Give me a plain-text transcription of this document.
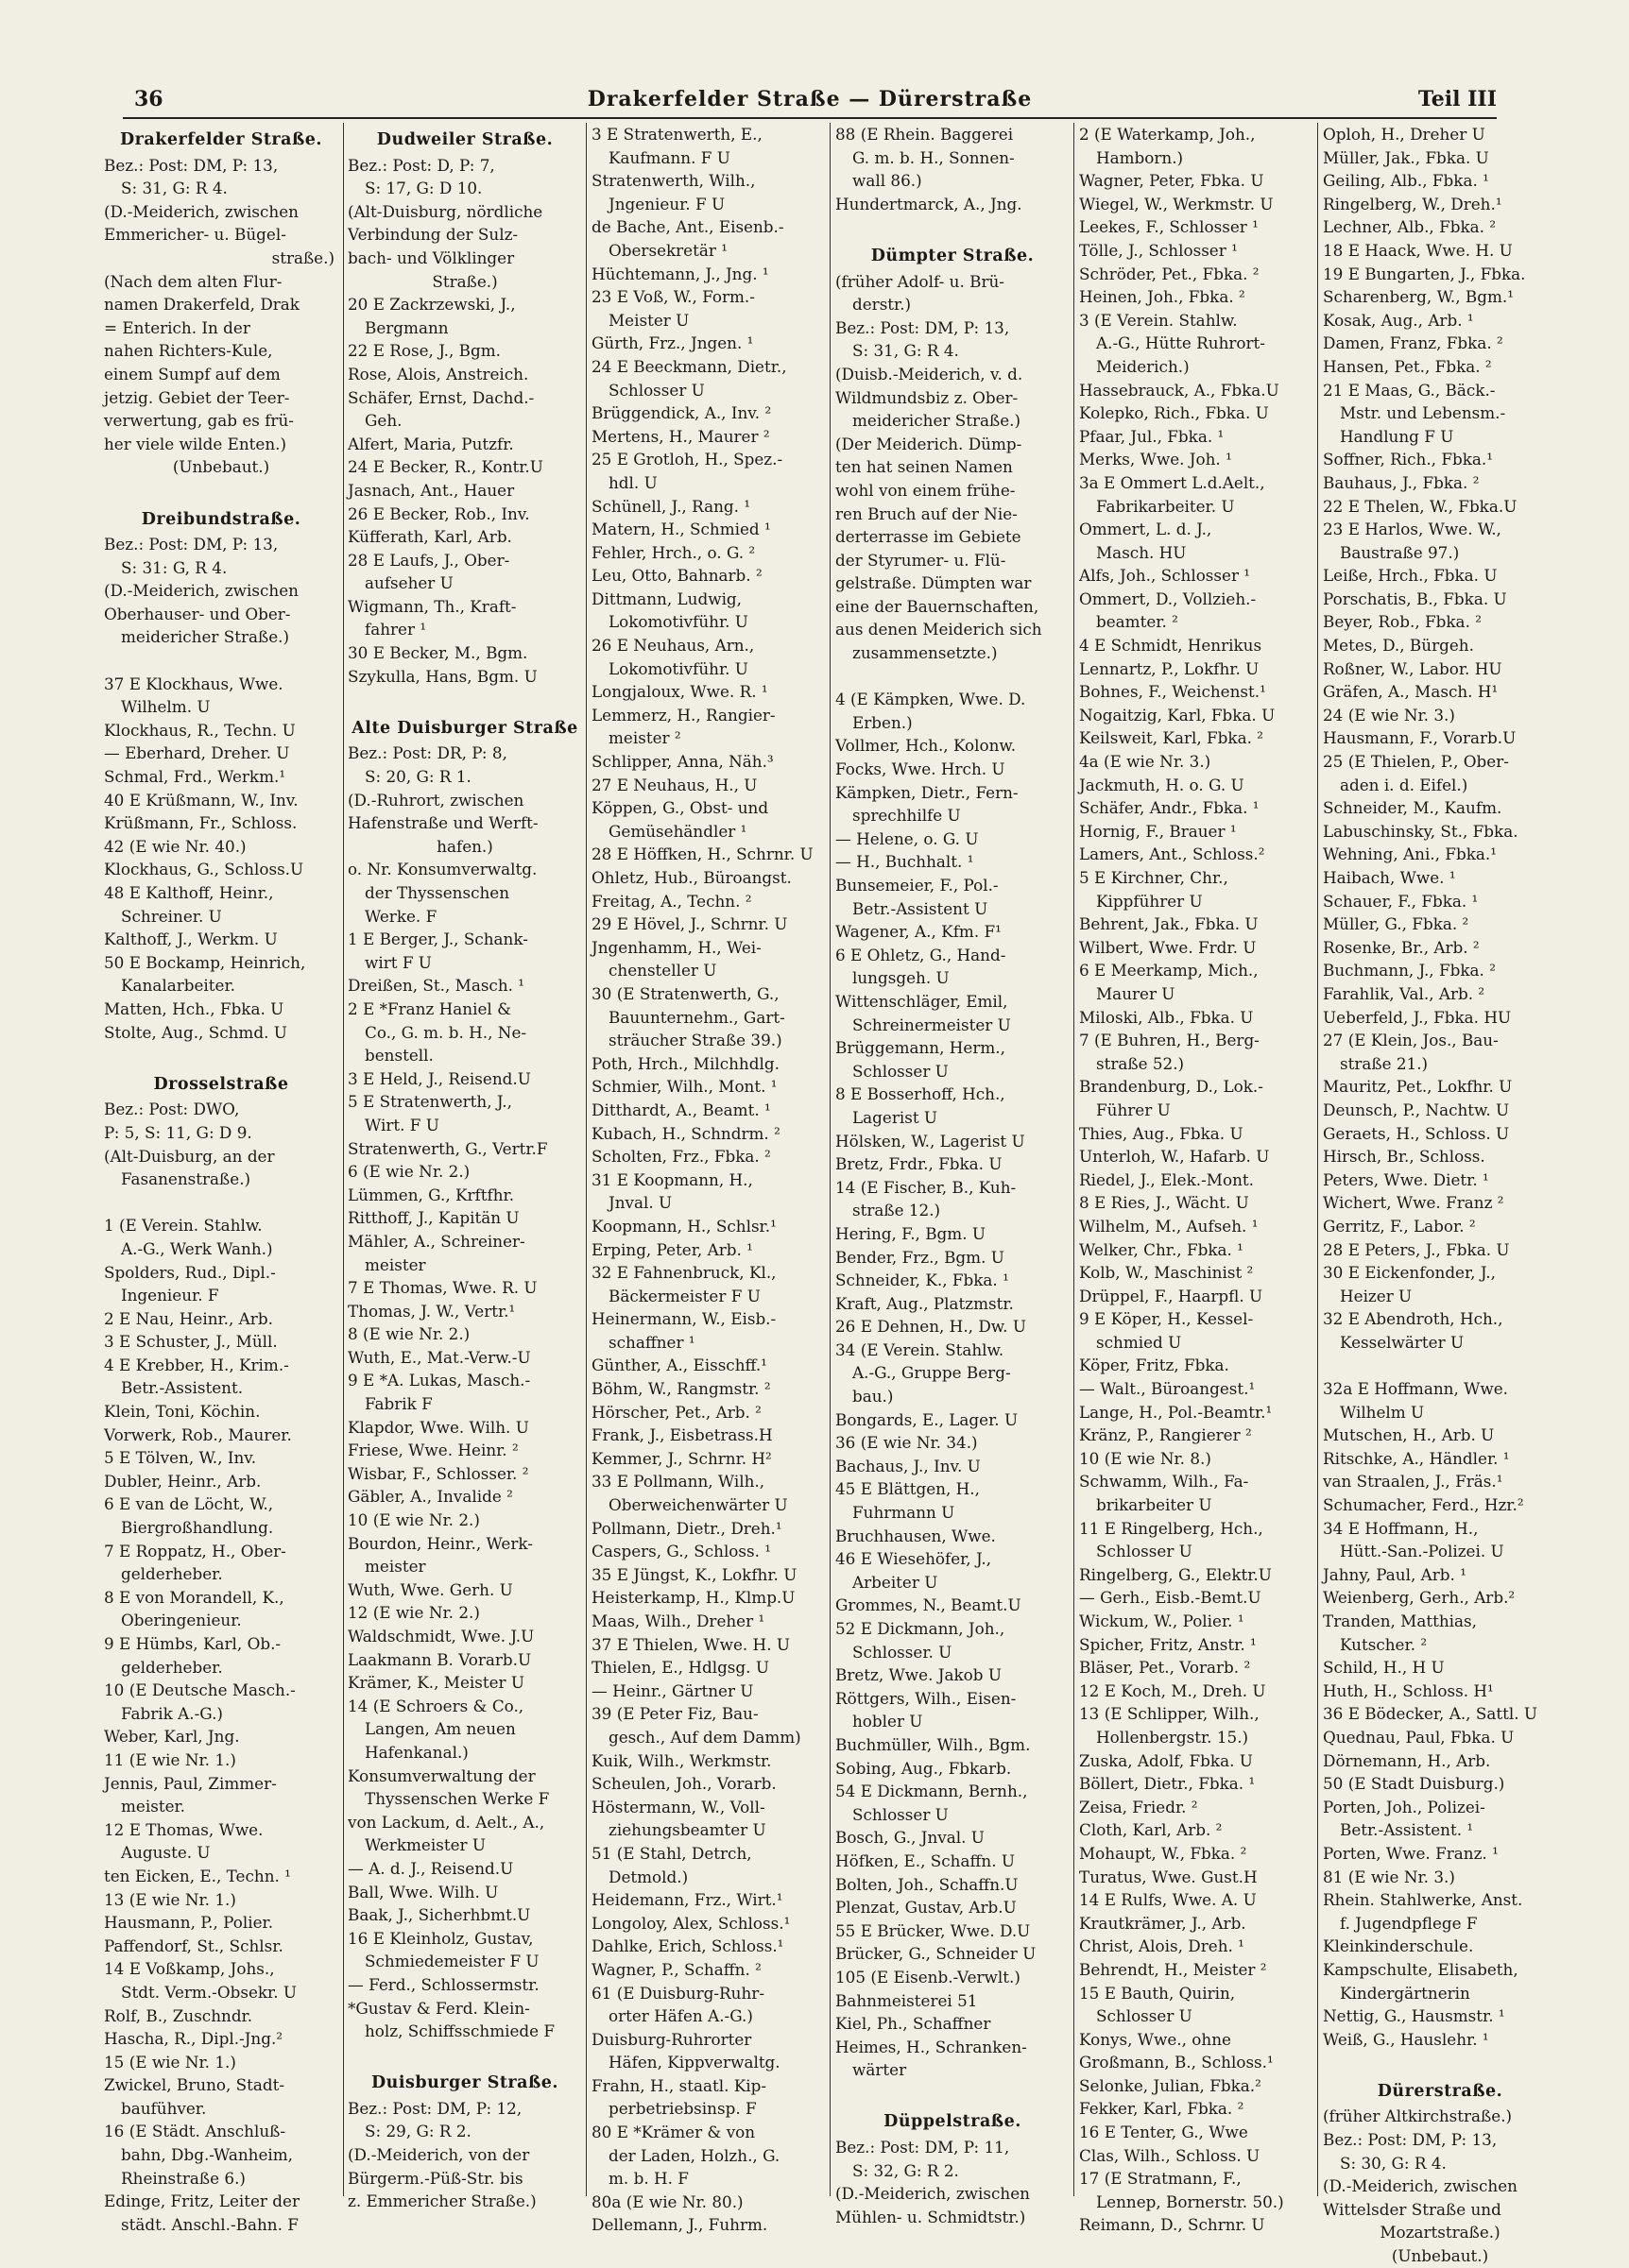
36	Drakerfelder Straße — Dürerstraße	Teil III
Drakerfelder Straße.
Bez.: Post: DM, P: 13,
S: 31, G: R 4.
(D.-Meiderich, zwischen
Emmericher- u. Bügel-
straße.)
(Nach dem alten Flur-
namen Drakerfeld, Drak
= Enterich. In der
nahen Richters-Kule,
einem Sumpf auf dem
jetzig. Gebiet der Teer-
verwertung, gab es frü-
her viele wilde Enten.)
(Unbebaut.)
Dreibundstraße.
Bez.: Post: DM, P: 13,
S: 31: G, R 4.
(D.-Meiderich, zwischen
Oberhauser- und Ober-
meidericher Straße.)
37 E Klockhaus, Wwe.
Wilhelm. U
Klockhaus, R., Techn. U
— Eberhard, Dreher. U
Schmal, Frd., Werkm.¹
40 E Krüßmann, W., Inv.
Krüßmann, Fr., Schloss.
42 (E wie Nr. 40.)
Klockhaus, G., Schloss.U
48 E Kalthoff, Heinr.,
Schreiner. U
Kalthoff, J., Werkm. U
50 E Bockamp, Heinrich,
Kanalarbeiter.
Matten, Hch., Fbka. U
Stolte, Aug., Schmd. U
Drosselstraße
Bez.: Post: DWO,
P: 5, S: 11, G: D 9.
(Alt-Duisburg, an der
Fasanenstraße.)
1 (E Verein. Stahlw.
A.-G., Werk Wanh.)
Spolders, Rud., Dipl.-
Ingenieur. F
2 E Nau, Heinr., Arb.
3 E Schuster, J., Müll.
4 E Krebber, H., Krim.-
Betr.-Assistent.
Klein, Toni, Köchin.
Vorwerk, Rob., Maurer.
5 E Tölven, W., Inv.
Dubler, Heinr., Arb.
6 E van de Löcht, W.,
Biergroßhandlung.
7 E Roppatz, H., Ober-
gelderheber.
8 E von Morandell, K.,
Oberingenieur.
9 E Hümbs, Karl, Ob.-
gelderheber.
10 (E Deutsche Masch.-
Fabrik A.-G.)
Weber, Karl, Jng.
11 (E wie Nr. 1.)
Jennis, Paul, Zimmer-
meister.
12 E Thomas, Wwe.
Auguste. U
ten Eicken, E., Techn. ¹
13 (E wie Nr. 1.)
Hausmann, P., Polier.
Paffendorf, St., Schlsr.
14 E Voßkamp, Johs.,
Stdt. Verm.-Obsekr. U
Rolf, B., Zuschndr.
Hascha, R., Dipl.-Jng.²
15 (E wie Nr. 1.)
Zwickel, Bruno, Stadt-
baufühver.
16 (E Städt. Anschluß-
bahn, Dbg.-Wanheim,
Rheinstraße 6.)
Edinge, Fritz, Leiter der
städt. Anschl.-Bahn. F
Dudweiler Straße.
Bez.: Post: D, P: 7,
S: 17, G: D 10.
(Alt-Duisburg, nördliche
Verbindung der Sulz-
bach- und Völklinger
Straße.)
20 E Zackrzewski, J.,
Bergmann
22 E Rose, J., Bgm.
Rose, Alois, Anstreich.
Schäfer, Ernst, Dachd.-
Geh.
Alfert, Maria, Putzfr.
24 E Becker, R., Kontr.U
Jasnach, Ant., Hauer
26 E Becker, Rob., Inv.
Küfferath, Karl, Arb.
28 E Laufs, J., Ober-
aufseher U
Wigmann, Th., Kraft-
fahrer ¹
30 E Becker, M., Bgm.
Szykulla, Hans, Bgm. U
Alte Duisburger Straße
Bez.: Post: DR, P: 8,
S: 20, G: R 1.
(D.-Ruhrort, zwischen
Hafenstraße und Werft-
hafen.)
o. Nr. Konsumverwaltg.
der Thyssenschen
Werke. F
1 E Berger, J., Schank-
wirt F U
Dreißen, St., Masch. ¹
2 E *Franz Haniel &
Co., G. m. b. H., Ne-
benstell.
3 E Held, J., Reisend.U
5 E Stratenwerth, J.,
Wirt. F U
Stratenwerth, G., Vertr.F
6 (E wie Nr. 2.)
Lümmen, G., Krftfhr.
Ritthoff, J., Kapitän U
Mähler, A., Schreiner-
meister
7 E Thomas, Wwe. R. U
Thomas, J. W., Vertr.¹
8 (E wie Nr. 2.)
Wuth, E., Mat.-Verw.-U
9 E *A. Lukas, Masch.-
Fabrik F
Klapdor, Wwe. Wilh. U
Friese, Wwe. Heinr. ²
Wisbar, F., Schlosser. ²
Gäbler, A., Invalide ²
10 (E wie Nr. 2.)
Bourdon, Heinr., Werk-
meister
Wuth, Wwe. Gerh. U
12 (E wie Nr. 2.)
Waldschmidt, Wwe. J.U
Laakmann B. Vorarb.U
Krämer, K., Meister U
14 (E Schroers & Co.,
Langen, Am neuen
Hafenkanal.)
Konsumverwaltung der
Thyssenschen Werke F
von Lackum, d. Aelt., A.,
Werkmeister U
— A. d. J., Reisend.U
Ball, Wwe. Wilh. U
Baak, J., Sicherhbmt.U
16 E Kleinholz, Gustav,
Schmiedemeister F U
— Ferd., Schlossermstr.
*Gustav & Ferd. Klein-
holz, Schiffsschmiede F
Duisburger Straße.
Bez.: Post: DM, P: 12,
S: 29, G: R 2.
(D.-Meiderich, von der
Bürgerm.-Püß-Str. bis
z. Emmericher Straße.)
3 E Stratenwerth, E.,
Kaufmann. F U
Stratenwerth, Wilh.,
Jngenieur. F U
de Bache, Ant., Eisenb.-
Obersekretär ¹
Hüchtemann, J., Jng. ¹
23 E Voß, W., Form.-
Meister U
Gürth, Frz., Jngen. ¹
24 E Beeckmann, Dietr.,
Schlosser U
Brüggendick, A., Inv. ²
Mertens, H., Maurer ²
25 E Grotloh, H., Spez.-
hdl. U
Schünell, J., Rang. ¹
Matern, H., Schmied ¹
Fehler, Hrch., o. G. ²
Leu, Otto, Bahnarb. ²
Dittmann, Ludwig,
Lokomotivführ. U
26 E Neuhaus, Arn.,
Lokomotivführ. U
Longjaloux, Wwe. R. ¹
Lemmerz, H., Rangier-
meister ²
Schlipper, Anna, Näh.³
27 E Neuhaus, H., U
Köppen, G., Obst- und
Gemüsehändler ¹
28 E Höffken, H., Schrnr. U
Ohletz, Hub., Büroangst.
Freitag, A., Techn. ²
29 E Hövel, J., Schrnr. U
Jngenhamm, H., Wei-
chensteller U
30 (E Stratenwerth, G.,
Bauunternehm., Gart-
sträucher Straße 39.)
Poth, Hrch., Milchhdlg.
Schmier, Wilh., Mont. ¹
Ditthardt, A., Beamt. ¹
Kubach, H., Schndrm. ²
Scholten, Frz., Fbka. ²
31 E Koopmann, H.,
Jnval. U
Koopmann, H., Schlsr.¹
Erping, Peter, Arb. ¹
32 E Fahnenbruck, Kl.,
Bäckermeister F U
Heinermann, W., Eisb.-
schaffner ¹
Günther, A., Eisschff.¹
Böhm, W., Rangmstr. ²
Hörscher, Pet., Arb. ²
Frank, J., Eisbetrass.H
Kemmer, J., Schrnr. H²
33 E Pollmann, Wilh.,
Oberweichenwärter U
Pollmann, Dietr., Dreh.¹
Caspers, G., Schloss. ¹
35 E Jüngst, K., Lokfhr. U
Heisterkamp, H., Klmp.U
Maas, Wilh., Dreher ¹
37 E Thielen, Wwe. H. U
Thielen, E., Hdlgsg. U
— Heinr., Gärtner U
39 (E Peter Fiz, Bau-
gesch., Auf dem Damm)
Kuik, Wilh., Werkmstr.
Scheulen, Joh., Vorarb.
Höstermann, W., Voll-
ziehungsbeamter U
51 (E Stahl, Detrch,
Detmold.)
Heidemann, Frz., Wirt.¹
Longoloy, Alex, Schloss.¹
Dahlke, Erich, Schloss.¹
Wagner, P., Schaffn. ²
61 (E Duisburg-Ruhr-
orter Häfen A.-G.)
Duisburg-Ruhrorter
Häfen, Kippverwaltg.
Frahn, H., staatl. Kip-
perbetriebsinsp. F
80 E *Krämer & von
der Laden, Holzh., G.
m. b. H. F
80a (E wie Nr. 80.)
Dellemann, J., Fuhrm.
88 (E Rhein. Baggerei
G. m. b. H., Sonnen-
wall 86.)
Hundertmarck, A., Jng.
Dümpter Straße.
(früher Adolf- u. Brü-
derstr.)
Bez.: Post: DM, P: 13,
S: 31, G: R 4.
(Duisb.-Meiderich, v. d.
Wildmundsbiz z. Ober-
meidericher Straße.)
(Der Meiderich. Dümp-
ten hat seinen Namen
wohl von einem frühe-
ren Bruch auf der Nie-
derterrasse im Gebiete
der Styrumer- u. Flü-
gelstraße. Dümpten war
eine der Bauernschaften,
aus denen Meiderich sich
zusammensetzte.)
4 (E Kämpken, Wwe. D.
Erben.)
Vollmer, Hch., Kolonw.
Focks, Wwe. Hrch. U
Kämpken, Dietr., Fern-
sprechhilfe U
— Helene, o. G. U
— H., Buchhalt. ¹
Bunsemeier, F., Pol.-
Betr.-Assistent U
Wagener, A., Kfm. F¹
6 E Ohletz, G., Hand-
lungsgeh. U
Wittenschläger, Emil,
Schreinermeister U
Brüggemann, Herm.,
Schlosser U
8 E Bosserhoff, Hch.,
Lagerist U
Hölsken, W., Lagerist U
Bretz, Frdr., Fbka. U
14 (E Fischer, B., Kuh-
straße 12.)
Hering, F., Bgm. U
Bender, Frz., Bgm. U
Schneider, K., Fbka. ¹
Kraft, Aug., Platzmstr.
26 E Dehnen, H., Dw. U
34 (E Verein. Stahlw.
A.-G., Gruppe Berg-
bau.)
Bongards, E., Lager. U
36 (E wie Nr. 34.)
Bachaus, J., Inv. U
45 E Blättgen, H.,
Fuhrmann U
Bruchhausen, Wwe.
46 E Wiesehöfer, J.,
Arbeiter U
Grommes, N., Beamt.U
52 E Dickmann, Joh.,
Schlosser. U
Bretz, Wwe. Jakob U
Röttgers, Wilh., Eisen-
hobler U
Buchmüller, Wilh., Bgm.
Sobing, Aug., Fbkarb.
54 E Dickmann, Bernh.,
Schlosser U
Bosch, G., Jnval. U
Höfken, E., Schaffn. U
Bolten, Joh., Schaffn.U
Plenzat, Gustav, Arb.U
55 E Brücker, Wwe. D.U
Brücker, G., Schneider U
105 (E Eisenb.-Verwlt.)
Bahnmeisterei 51
Kiel, Ph., Schaffner
Heimes, H., Schranken-
wärter
Düppelstraße.
Bez.: Post: DM, P: 11,
S: 32, G: R 2.
(D.-Meiderich, zwischen
Mühlen- u. Schmidtstr.)
2 (E Waterkamp, Joh.,
Hamborn.)
Wagner, Peter, Fbka. U
Wiegel, W., Werkmstr. U
Leekes, F., Schlosser ¹
Tölle, J., Schlosser ¹
Schröder, Pet., Fbka. ²
Heinen, Joh., Fbka. ²
3 (E Verein. Stahlw.
A.-G., Hütte Ruhrort-
Meiderich.)
Hassebrauck, A., Fbka.U
Kolepko, Rich., Fbka. U
Pfaar, Jul., Fbka. ¹
Merks, Wwe. Joh. ¹
3a E Ommert L.d.Aelt.,
Fabrikarbeiter. U
Ommert, L. d. J.,
Masch. HU
Alfs, Joh., Schlosser ¹
Ommert, D., Vollzieh.-
beamter. ²
4 E Schmidt, Henrikus
Lennartz, P., Lokfhr. U
Bohnes, F., Weichenst.¹
Nogaitzig, Karl, Fbka. U
Keilsweit, Karl, Fbka. ²
4a (E wie Nr. 3.)
Jackmuth, H. o. G. U
Schäfer, Andr., Fbka. ¹
Hornig, F., Brauer ¹
Lamers, Ant., Schloss.²
5 E Kirchner, Chr.,
Kippführer U
Behrent, Jak., Fbka. U
Wilbert, Wwe. Frdr. U
6 E Meerkamp, Mich.,
Maurer U
Miloski, Alb., Fbka. U
7 (E Buhren, H., Berg-
straße 52.)
Brandenburg, D., Lok.-
Führer U
Thies, Aug., Fbka. U
Unterloh, W., Hafarb. U
Riedel, J., Elek.-Mont.
8 E Ries, J., Wächt. U
Wilhelm, M., Aufseh. ¹
Welker, Chr., Fbka. ¹
Kolb, W., Maschinist ²
Drüppel, F., Haarpfl. U
9 E Köper, H., Kessel-
schmied U
Köper, Fritz, Fbka.
— Walt., Büroangest.¹
Lange, H., Pol.-Beamtr.¹
Kränz, P., Rangierer ²
10 (E wie Nr. 8.)
Schwamm, Wilh., Fa-
brikarbeiter U
11 E Ringelberg, Hch.,
Schlosser U
Ringelberg, G., Elektr.U
— Gerh., Eisb.-Bemt.U
Wickum, W., Polier. ¹
Spicher, Fritz, Anstr. ¹
Bläser, Pet., Vorarb. ²
12 E Koch, M., Dreh. U
13 (E Schlipper, Wilh.,
Hollenbergstr. 15.)
Zuska, Adolf, Fbka. U
Böllert, Dietr., Fbka. ¹
Zeisa, Friedr. ²
Cloth, Karl, Arb. ²
Mohaupt, W., Fbka. ²
Turatus, Wwe. Gust.H
14 E Rulfs, Wwe. A. U
Krautkrämer, J., Arb.
Christ, Alois, Dreh. ¹
Behrendt, H., Meister ²
15 E Bauth, Quirin,
Schlosser U
Konys, Wwe., ohne
Großmann, B., Schloss.¹
Selonke, Julian, Fbka.²
Fekker, Karl, Fbka. ²
16 E Tenter, G., Wwe
Clas, Wilh., Schloss. U
17 (E Stratmann, F.,
Lennep, Bornerstr. 50.)
Reimann, D., Schrnr. U
Oploh, H., Dreher U
Müller, Jak., Fbka. U
Geiling, Alb., Fbka. ¹
Ringelberg, W., Dreh.¹
Lechner, Alb., Fbka. ²
18 E Haack, Wwe. H. U
19 E Bungarten, J., Fbka.
Scharenberg, W., Bgm.¹
Kosak, Aug., Arb. ¹
Damen, Franz, Fbka. ²
Hansen, Pet., Fbka. ²
21 E Maas, G., Bäck.-
Mstr. und Lebensm.-
Handlung F U
Soffner, Rich., Fbka.¹
Bauhaus, J., Fbka. ²
22 E Thelen, W., Fbka.U
23 E Harlos, Wwe. W.,
Baustraße 97.)
Leiße, Hrch., Fbka. U
Porschatis, B., Fbka. U
Beyer, Rob., Fbka. ²
Metes, D., Bürgeh.
Roßner, W., Labor. HU
Gräfen, A., Masch. H¹
24 (E wie Nr. 3.)
Hausmann, F., Vorarb.U
25 (E Thielen, P., Ober-
aden i. d. Eifel.)
Schneider, M., Kaufm.
Labuschinsky, St., Fbka.
Wehning, Ani., Fbka.¹
Haibach, Wwe. ¹
Schauer, F., Fbka. ¹
Müller, G., Fbka. ²
Rosenke, Br., Arb. ²
Buchmann, J., Fbka. ²
Farahlik, Val., Arb. ²
Ueberfeld, J., Fbka. HU
27 (E Klein, Jos., Bau-
straße 21.)
Mauritz, Pet., Lokfhr. U
Deunsch, P., Nachtw. U
Geraets, H., Schloss. U
Hirsch, Br., Schloss.
Peters, Wwe. Dietr. ¹
Wichert, Wwe. Franz ²
Gerritz, F., Labor. ²
28 E Peters, J., Fbka. U
30 E Eickenfonder, J.,
Heizer U
32 E Abendroth, Hch.,
Kesselwärter U
32a E Hoffmann, Wwe.
Wilhelm U
Mutschen, H., Arb. U
Ritschke, A., Händler. ¹
van Straalen, J., Fräs.¹
Schumacher, Ferd., Hzr.²
34 E Hoffmann, H.,
Hütt.-San.-Polizei. U
Jahny, Paul, Arb. ¹
Weienberg, Gerh., Arb.²
Tranden, Matthias,
Kutscher. ²
Schild, H., H U
Huth, H., Schloss. H¹
36 E Bödecker, A., Sattl. U
Quednau, Paul, Fbka. U
Dörnemann, H., Arb.
50 (E Stadt Duisburg.)
Porten, Joh., Polizei-
Betr.-Assistent. ¹
Porten, Wwe. Franz. ¹
81 (E wie Nr. 3.)
Rhein. Stahlwerke, Anst.
f. Jugendpflege F
Kleinkinderschule.
Kampschulte, Elisabeth,
Kindergärtnerin
Nettig, G., Hausmstr. ¹
Weiß, G., Hauslehr. ¹
Dürerstraße.
(früher Altkirchstraße.)
Bez.: Post: DM, P: 13,
S: 30, G: R 4.
(D.-Meiderich, zwischen
Wittelsder Straße und
Mozartstraße.)
(Unbebaut.)
